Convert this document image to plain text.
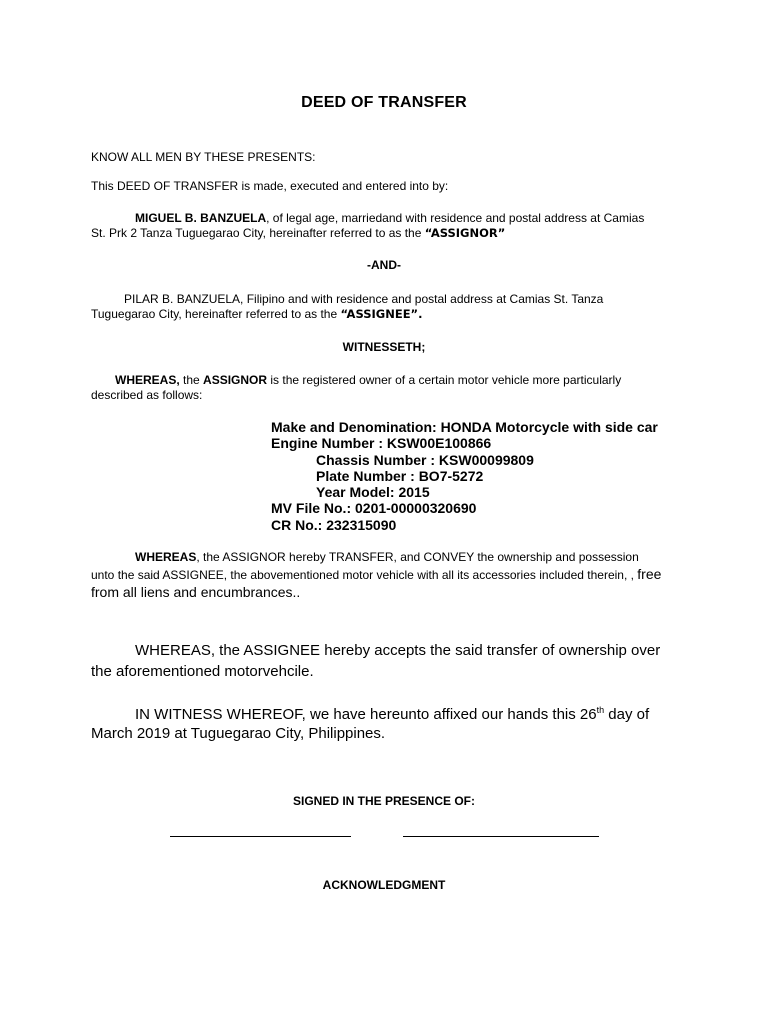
DEED OF TRANSFER

KNOW ALL MEN BY THESE PRESENTS:

This DEED OF TRANSFER is made, executed and entered into by:

MIGUEL B. BANZUELA, of legal age, marriedand with residence and postal address at Camias

St. Prk 2 Tanza Tuguegarao City, hereinafter referred to as the “ASSIGNOR”

-AND-

PILAR B. BANZUELA, Filipino and with residence and postal address at Camias St. Tanza

Tuguegarao City, hereinafter referred to as the “ASSIGNEE”.

WITNESSETH;

WHEREAS, the ASSIGNOR is the registered owner of a certain motor vehicle more particularly

described as follows:

Make and Denomination: HONDA Motorcycle with side car

Engine Number : KSW00E100866

Chassis Number : KSW00099809

Plate Number : BO7-5272

Year Model: 2015

MV File No.: 0201-00000320690

CR No.: 232315090

WHEREAS, the ASSIGNOR hereby TRANSFER, and CONVEY the ownership and possession

unto the said ASSIGNEE, the abovementioned motor vehicle with all its accessories included therein, , free

from all liens and encumbrances..

WHEREAS, the ASSIGNEE hereby accepts the said transfer of ownership over

the aforementioned motorvehcile.

IN WITNESS WHEREOF, we have hereunto affixed our hands this 26th day of

March 2019 at Tuguegarao City, Philippines.

SIGNED IN THE PRESENCE OF:

ACKNOWLEDGMENT
